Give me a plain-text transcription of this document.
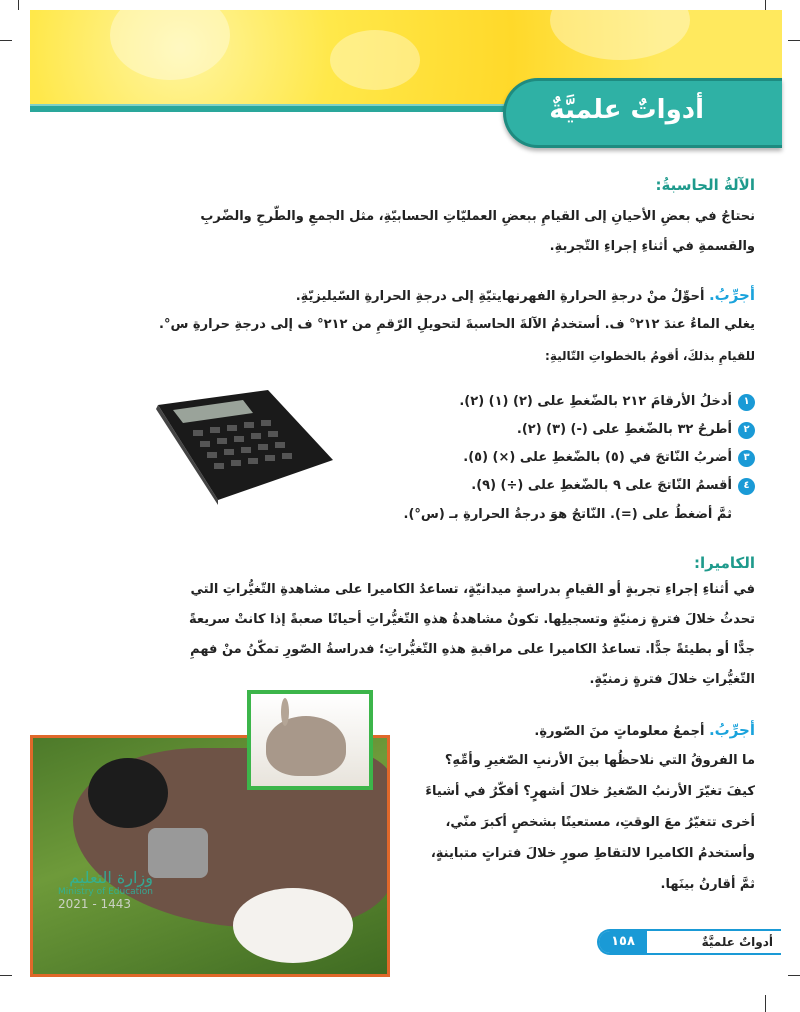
أدواتٌ علميَّةٌ
الآلةُ الحاسبةُ:
نحتاجُ في بعضِ الأحيانِ إلى القيامِ ببعضِ العمليّاتِ الحسابيّةِ، مثل الجمعِ والطّرحِ والضّربِ
والقسمةِ في أثناءِ إجراءِ التّجربةِ.
أجرِّبُ. أحوِّلُ منْ درجةِ الحرارةِ الفهرنهايتيّةِ إلى درجةِ الحرارةِ السّيليزيّةِ.
يغلي الماءُ عندَ ٢١٢° ف. أستخدمُ الآلةَ الحاسبةَ لتحويلِ الرّقمِ من ٢١٢° ف إلى درجةِ حرارةِ س°.
للقيامِ بذلكَ، أقومُ بالخطواتِ التّاليةِ:
١
أدخلُ الأرقامَ ٢١٢ بالضّغطِ على (٢) (١) (٢).
٢
أطرحُ ٣٢ بالضّغطِ على (-) (٣) (٢).
٣
أضربُ النّاتجَ في (٥) بالضّغطِ على (×) (٥).
٤
أقسمُ النّاتجَ على ٩ بالضّغطِ على (÷) (٩).
ثمَّ أضغطُ على (=). النّاتجُ هوَ درجةُ الحرارةِ بـ (س°).
الكاميرا:
في أثناءِ إجراءِ تجربةٍ أو القيامِ بدراسةٍ ميدانيّةٍ، تساعدُ الكاميرا على مشاهدةِ التّغيُّراتِ التي
تحدثُ خلالَ فترةٍ زمنيّةٍ وتسجيلِها. تكونُ مشاهدةُ هذهِ التّغيُّراتِ أحيانًا صعبةً إذا كانتْ سريعةً
جدًّا أو بطيئةً جدًّا. تساعدُ الكاميرا على مراقبةِ هذهِ التّغيُّراتِ؛ فدراسةُ الصّورِ تمكّنُ منْ فهمِ
التّغيُّراتِ خلالَ فترةٍ زمنيّةٍ.
أجرِّبُ. أجمعُ معلوماتٍ منَ الصّورةِ.
ما الفروقُ التي نلاحظُها بينَ الأرنبِ الصّغيرِ وأمِّهِ؟
كيفَ تغيّرَ الأرنبُ الصّغيرُ خلالَ أشهرٍ؟ أفكّرُ في أشياءَ
أخرى تتغيّرُ معَ الوقتِ، مستعينًا بشخصٍ أكبرَ منّي،
وأستخدمُ الكاميرا لالتقاطِ صورٍ خلالَ فتراتٍ متباينةٍ،
ثمَّ أقارنُ بينَها.
وزارة التعليم
Ministry of Education
2021 - 1443
أدواتٌ علميَّةٌ
١٥٨
